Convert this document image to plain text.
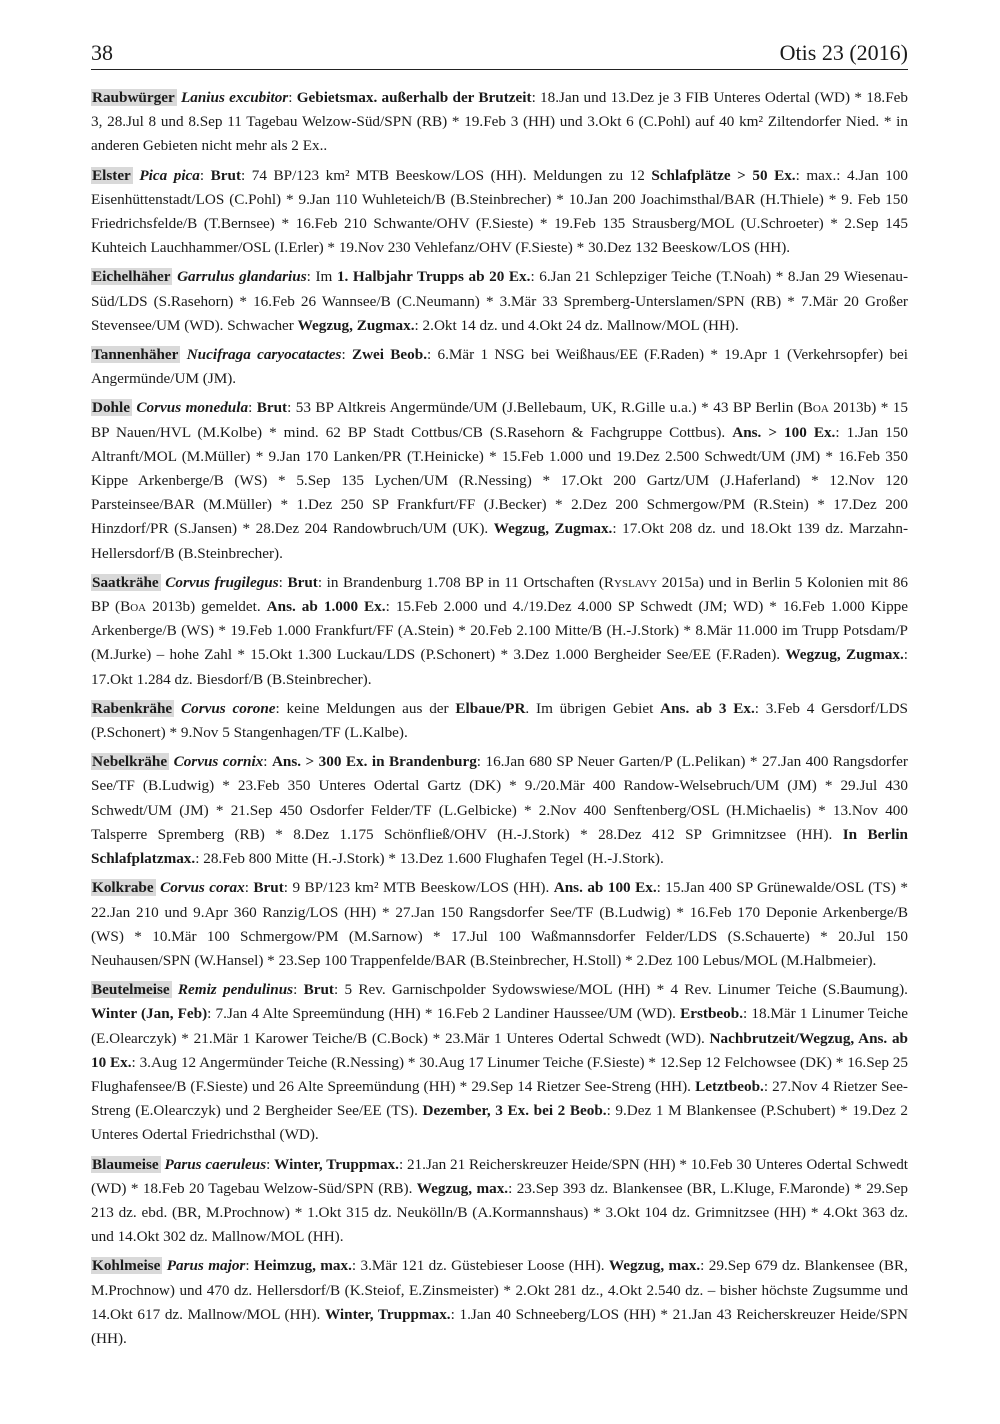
38	Otis 23 (2016)

Raubwürger Lanius excubitor: Gebietsmax. außerhalb der Brutzeit: 18.Jan und 13.Dez je 3 FIB Unteres Odertal (WD) * 18.Feb 3, 28.Jul 8 und 8.Sep 11 Tagebau Welzow-Süd/SPN (RB) * 19.Feb 3 (HH) und 3.Okt 6 (C.Pohl) auf 40 km² Ziltendorfer Nied. * in anderen Gebieten nicht mehr als 2 Ex..

Elster Pica pica: Brut: 74 BP/123 km² MTB Beeskow/LOS (HH). Meldungen zu 12 Schlafplätze > 50 Ex.: max.: 4.Jan 100 Eisenhüttenstadt/LOS (C.Pohl) * 9.Jan 110 Wuhleteich/B (B.Steinbrecher) * 10.Jan 200 Joachimsthal/BAR (H.Thiele) * 9. Feb 150 Friedrichsfelde/B (T.Bernsee) * 16.Feb 210 Schwante/OHV (F.Sieste) * 19.Feb 135 Strausberg/MOL (U.Schroeter) * 2.Sep 145 Kuhteich Lauchhammer/OSL (I.Erler) * 19.Nov 230 Vehlefanz/OHV (F.Sieste) * 30.Dez 132 Beeskow/LOS (HH).

Eichelhäher Garrulus glandarius: Im 1. Halbjahr Trupps ab 20 Ex.: 6.Jan 21 Schlepziger Teiche (T.Noah) * 8.Jan 29 Wiesenau-Süd/LDS (S.Rasehorn) * 16.Feb 26 Wannsee/B (C.Neumann) * 3.Mär 33 Spremberg-Unterslamen/SPN (RB) * 7.Mär 20 Großer Stevensee/UM (WD). Schwacher Wegzug, Zugmax.: 2.Okt 14 dz. und 4.Okt 24 dz. Mallnow/MOL (HH).

Tannenhäher Nucifraga caryocatactes: Zwei Beob.: 6.Mär 1 NSG bei Weißhaus/EE (F.Raden) * 19.Apr 1 (Verkehrsopfer) bei Angermünde/UM (JM).

Dohle Corvus monedula: Brut: 53 BP Altkreis Angermünde/UM (J.Bellebaum, UK, R.Gille u.a.) * 43 BP Berlin (Boa 2013b) * 15 BP Nauen/HVL (M.Kolbe) * mind. 62 BP Stadt Cottbus/CB (S.Rasehorn & Fachgruppe Cottbus). Ans. > 100 Ex.: 1.Jan 150 Altranft/MOL (M.Müller) * 9.Jan 170 Lanken/PR (T.Heinicke) * 15.Feb 1.000 und 19.Dez 2.500 Schwedt/UM (JM) * 16.Feb 350 Kippe Arkenberge/B (WS) * 5.Sep 135 Lychen/UM (R.Nessing) * 17.Okt 200 Gartz/UM (J.Haferland) * 12.Nov 120 Parsteinsee/BAR (M.Müller) * 1.Dez 250 SP Frankfurt/FF (J.Becker) * 2.Dez 200 Schmergow/PM (R.Stein) * 17.Dez 200 Hinzdorf/PR (S.Jansen) * 28.Dez 204 Randowbruch/UM (UK). Wegzug, Zugmax.: 17.Okt 208 dz. und 18.Okt 139 dz. Marzahn-Hellersdorf/B (B.Steinbrecher).

Saatkrähe Corvus frugilegus: Brut: in Brandenburg 1.708 BP in 11 Ortschaften (Ryslavy 2015a) und in Berlin 5 Kolonien mit 86 BP (Boa 2013b) gemeldet. Ans. ab 1.000 Ex.: 15.Feb 2.000 und 4./19.Dez 4.000 SP Schwedt (JM; WD) * 16.Feb 1.000 Kippe Arkenberge/B (WS) * 19.Feb 1.000 Frankfurt/FF (A.Stein) * 20.Feb 2.100 Mitte/B (H.-J.Stork) * 8.Mär 11.000 im Trupp Potsdam/P (M.Jurke) – hohe Zahl * 15.Okt 1.300 Luckau/LDS (P.Schonert) * 3.Dez 1.000 Bergheider See/EE (F.Raden). Wegzug, Zugmax.: 17.Okt 1.284 dz. Biesdorf/B (B.Steinbrecher).

Rabenkrähe Corvus corone: keine Meldungen aus der Elbaue/PR. Im übrigen Gebiet Ans. ab 3 Ex.: 3.Feb 4 Gersdorf/LDS (P.Schonert) * 9.Nov 5 Stangenhagen/TF (L.Kalbe).

Nebelkrähe Corvus cornix: Ans. > 300 Ex. in Brandenburg: 16.Jan 680 SP Neuer Garten/P (L.Pelikan) * 27.Jan 400 Rangsdorfer See/TF (B.Ludwig) * 23.Feb 350 Unteres Odertal Gartz (DK) * 9./20.Mär 400 Randow-Welsebruch/UM (JM) * 29.Jul 430 Schwedt/UM (JM) * 21.Sep 450 Osdorfer Felder/TF (L.Gelbicke) * 2.Nov 400 Senftenberg/OSL (H.Michaelis) * 13.Nov 400 Talsperre Spremberg (RB) * 8.Dez 1.175 Schönfließ/OHV (H.-J.Stork) * 28.Dez 412 SP Grimnitzsee (HH). In Berlin Schlafplatzmax.: 28.Feb 800 Mitte (H.-J.Stork) * 13.Dez 1.600 Flughafen Tegel (H.-J.Stork).

Kolkrabe Corvus corax: Brut: 9 BP/123 km² MTB Beeskow/LOS (HH). Ans. ab 100 Ex.: 15.Jan 400 SP Grünewalde/OSL (TS) * 22.Jan 210 und 9.Apr 360 Ranzig/LOS (HH) * 27.Jan 150 Rangsdorfer See/TF (B.Ludwig) * 16.Feb 170 Deponie Arkenberge/B (WS) * 10.Mär 100 Schmergow/PM (M.Sarnow) * 17.Jul 100 Waßmannsdorfer Felder/LDS (S.Schauerte) * 20.Jul 150 Neuhausen/SPN (W.Hansel) * 23.Sep 100 Trappenfelde/BAR (B.Steinbrecher, H.Stoll) * 2.Dez 100 Lebus/MOL (M.Halbmeier).

Beutelmeise Remiz pendulinus: Brut: 5 Rev. Garnischpolder Sydowswiese/MOL (HH) * 4 Rev. Linumer Teiche (S.Baumung). Winter (Jan, Feb): 7.Jan 4 Alte Spreemündung (HH) * 16.Feb 2 Landiner Haussee/UM (WD). Erstbeob.: 18.Mär 1 Linumer Teiche (E.Olearczyk) * 21.Mär 1 Karower Teiche/B (C.Bock) * 23.Mär 1 Unteres Odertal Schwedt (WD). Nachbrutzeit/Wegzug, Ans. ab 10 Ex.: 3.Aug 12 Angermünder Teiche (R.Nessing) * 30.Aug 17 Linumer Teiche (F.Sieste) * 12.Sep 12 Felchowsee (DK) * 16.Sep 25 Flughafensee/B (F.Sieste) und 26 Alte Spreemündung (HH) * 29.Sep 14 Rietzer See-Streng (HH). Letztbeob.: 27.Nov 4 Rietzer See-Streng (E.Olearczyk) und 2 Bergheider See/EE (TS). Dezember, 3 Ex. bei 2 Beob.: 9.Dez 1 M Blankensee (P.Schubert) * 19.Dez 2 Unteres Odertal Friedrichsthal (WD).

Blaumeise Parus caeruleus: Winter, Truppmax.: 21.Jan 21 Reicherskreuzer Heide/SPN (HH) * 10.Feb 30 Unteres Odertal Schwedt (WD) * 18.Feb 20 Tagebau Welzow-Süd/SPN (RB). Wegzug, max.: 23.Sep 393 dz. Blankensee (BR, L.Kluge, F.Maronde) * 29.Sep 213 dz. ebd. (BR, M.Prochnow) * 1.Okt 315 dz. Neukölln/B (A.Kormannshaus) * 3.Okt 104 dz. Grimnitzsee (HH) * 4.Okt 363 dz. und 14.Okt 302 dz. Mallnow/MOL (HH).

Kohlmeise Parus major: Heimzug, max.: 3.Mär 121 dz. Güstebieser Loose (HH). Wegzug, max.: 29.Sep 679 dz. Blankensee (BR, M.Prochnow) und 470 dz. Hellersdorf/B (K.Steiof, E.Zinsmeister) * 2.Okt 281 dz., 4.Okt 2.540 dz. – bisher höchste Zugsumme und 14.Okt 617 dz. Mallnow/MOL (HH). Winter, Truppmax.: 1.Jan 40 Schneeberg/LOS (HH) * 21.Jan 43 Reicherskreuzer Heide/SPN (HH).
